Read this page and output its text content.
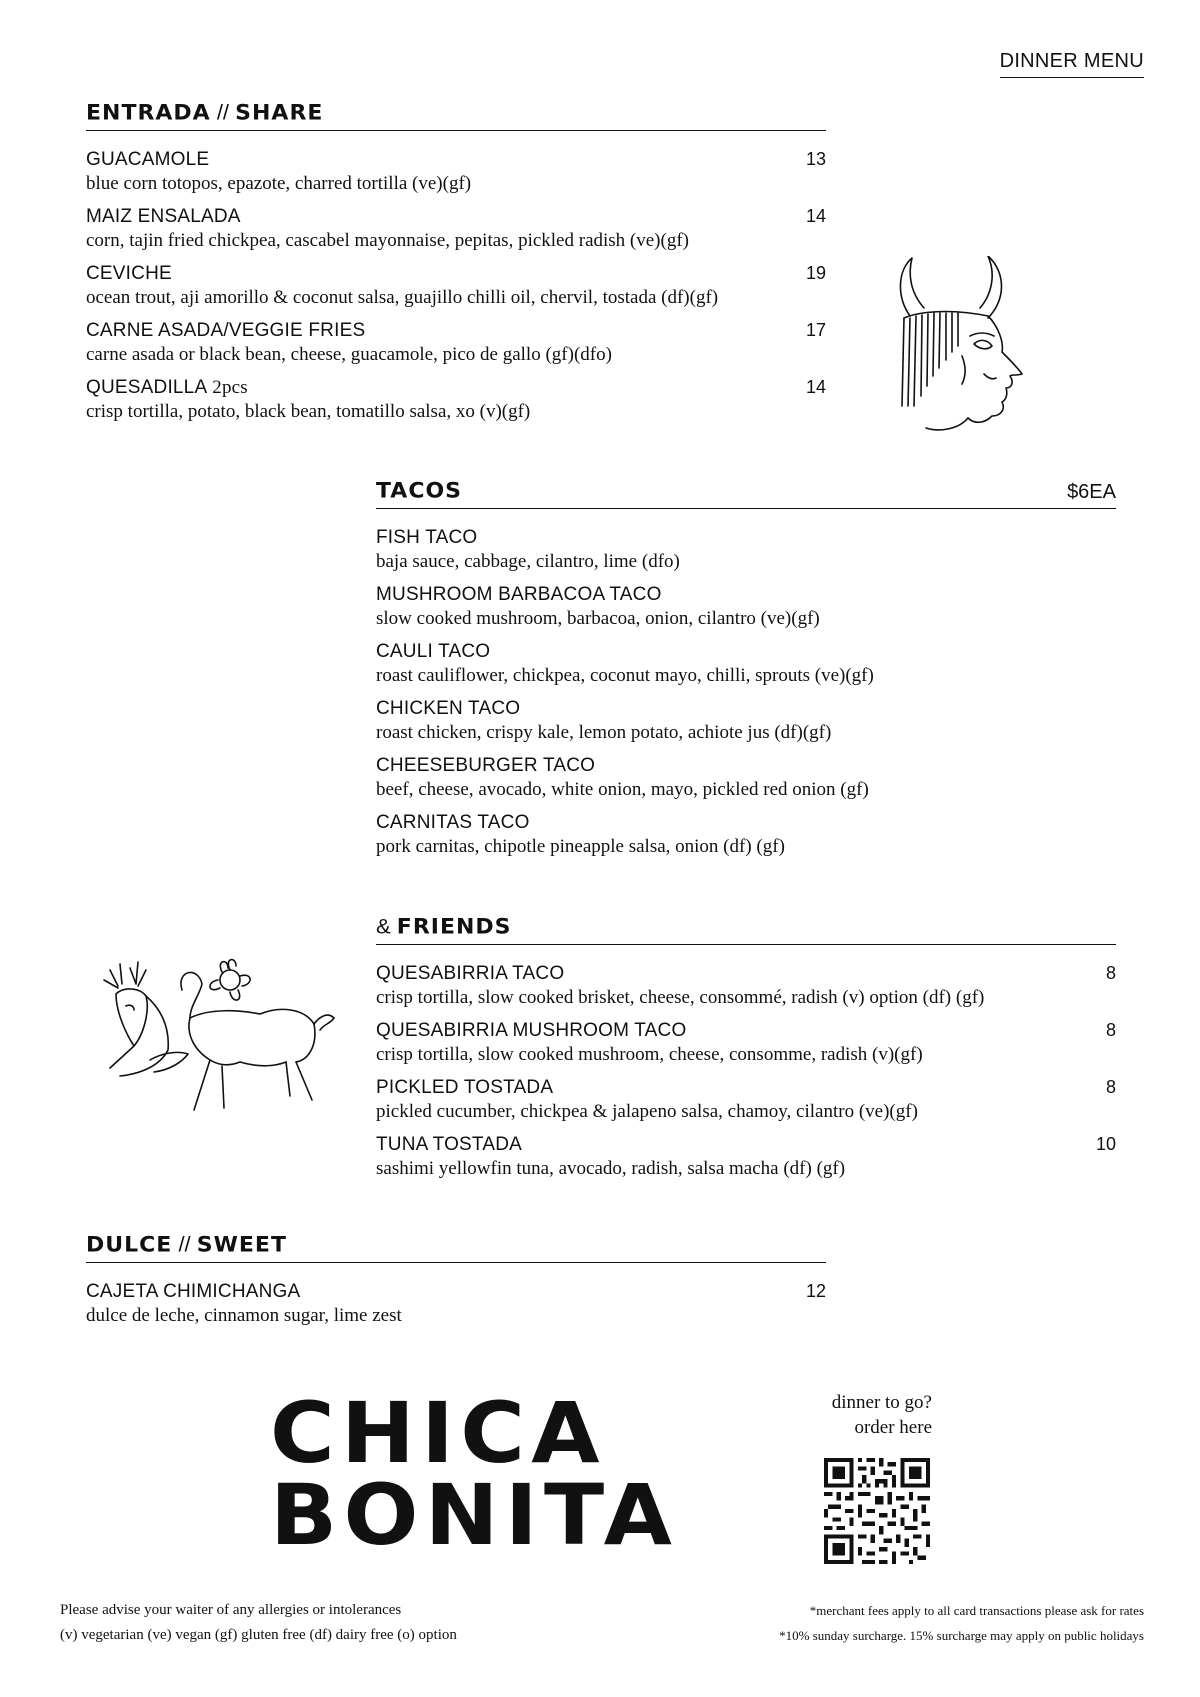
DINNER MENU
ENTRADA // SHARE
GUACAMOLE	13
blue corn totopos, epazote, charred tortilla (ve)(gf)
MAIZ ENSALADA	14
corn, tajin fried chickpea, cascabel mayonnaise, pepitas, pickled radish (ve)(gf)
CEVICHE	19
ocean trout, aji amorillo & coconut salsa, guajillo chilli oil, chervil, tostada (df)(gf)
CARNE ASADA/VEGGIE FRIES	17
carne asada or black bean, cheese, guacamole, pico de gallo (gf)(dfo)
QUESADILLA 2pcs	14
crisp tortilla, potato, black bean, tomatillo salsa, xo (v)(gf)
TACOS	$6EA
FISH TACO
baja sauce, cabbage, cilantro, lime (dfo)
MUSHROOM BARBACOA TACO
slow cooked mushroom, barbacoa, onion, cilantro (ve)(gf)
CAULI TACO
roast cauliflower, chickpea, coconut mayo, chilli, sprouts (ve)(gf)
CHICKEN TACO
roast chicken, crispy kale, lemon potato, achiote jus (df)(gf)
CHEESEBURGER TACO
beef, cheese, avocado, white onion, mayo, pickled red onion (gf)
CARNITAS TACO
pork carnitas, chipotle pineapple salsa, onion (df) (gf)
& FRIENDS
QUESABIRRIA TACO	8
crisp tortilla, slow cooked brisket, cheese, consommé, radish (v) option (df) (gf)
QUESABIRRIA MUSHROOM TACO	8
crisp tortilla, slow cooked mushroom, cheese, consomme, radish (v)(gf)
PICKLED TOSTADA	8
pickled cucumber, chickpea & jalapeno salsa, chamoy, cilantro (ve)(gf)
TUNA TOSTADA	10
sashimi yellowfin tuna, avocado, radish, salsa macha (df) (gf)
DULCE // SWEET
CAJETA CHIMICHANGA	12
dulce de leche, cinnamon sugar, lime zest
CHICA
BONITA
dinner to go?
order here
Please advise your waiter of any allergies or intolerances
(v) vegetarian (ve) vegan (gf) gluten free (df) dairy free (o) option
*merchant fees apply to all card transactions please ask for rates
*10% sunday surcharge. 15% surcharge may apply on public holidays
